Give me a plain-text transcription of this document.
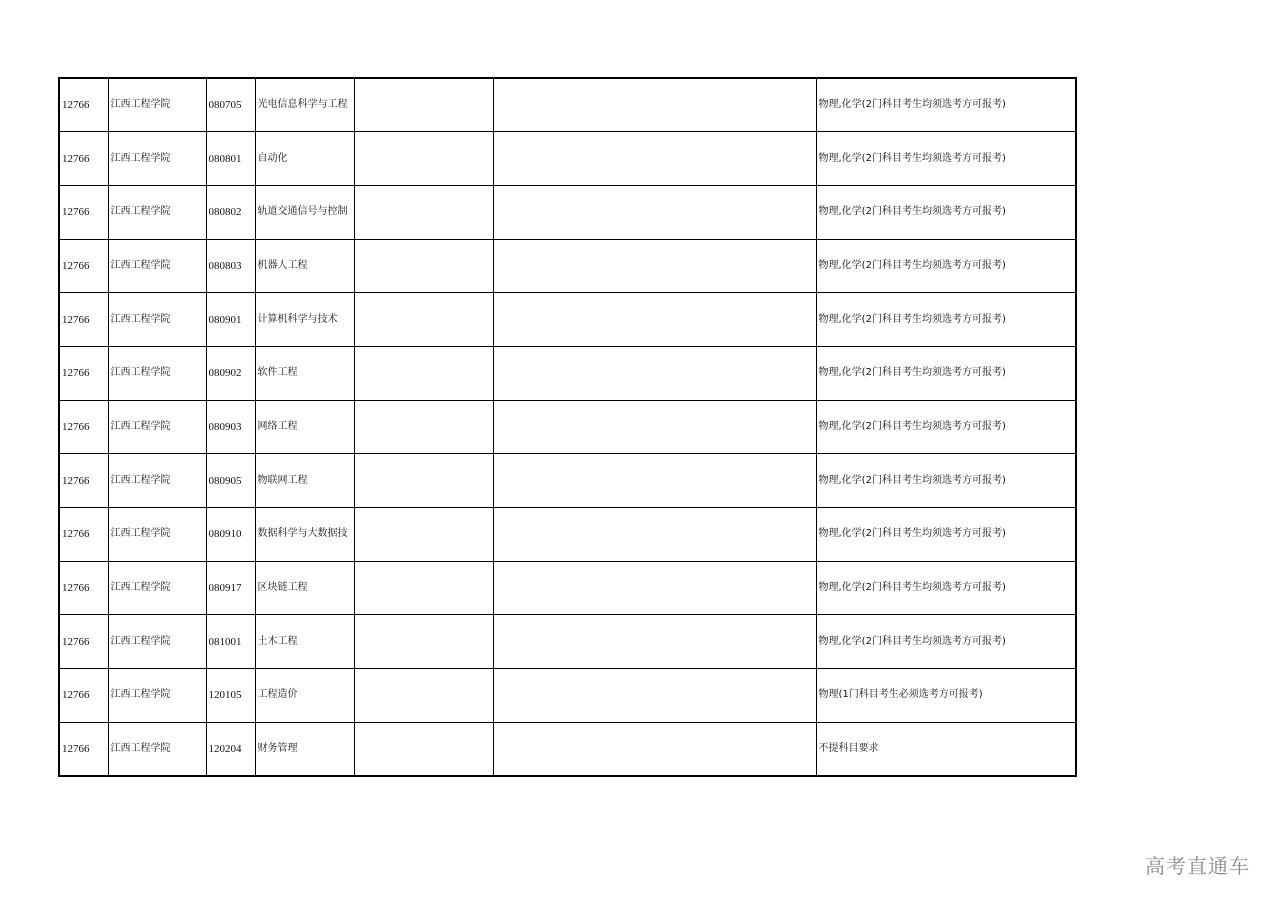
12766	江西工程学院	080705	光电信息科学与工程			物理,化学(2门科目考生均须选考方可报考)
12766	江西工程学院	080801	自动化			物理,化学(2门科目考生均须选考方可报考)
12766	江西工程学院	080802	轨道交通信号与控制			物理,化学(2门科目考生均须选考方可报考)
12766	江西工程学院	080803	机器人工程			物理,化学(2门科目考生均须选考方可报考)
12766	江西工程学院	080901	计算机科学与技术			物理,化学(2门科目考生均须选考方可报考)
12766	江西工程学院	080902	软件工程			物理,化学(2门科目考生均须选考方可报考)
12766	江西工程学院	080903	网络工程			物理,化学(2门科目考生均须选考方可报考)
12766	江西工程学院	080905	物联网工程			物理,化学(2门科目考生均须选考方可报考)
12766	江西工程学院	080910	数据科学与大数据技			物理,化学(2门科目考生均须选考方可报考)
12766	江西工程学院	080917	区块链工程			物理,化学(2门科目考生均须选考方可报考)
12766	江西工程学院	081001	土木工程			物理,化学(2门科目考生均须选考方可报考)
12766	江西工程学院	120105	工程造价			物理(1门科目考生必须选考方可报考)
12766	江西工程学院	120204	财务管理			不提科目要求
高考直通车
